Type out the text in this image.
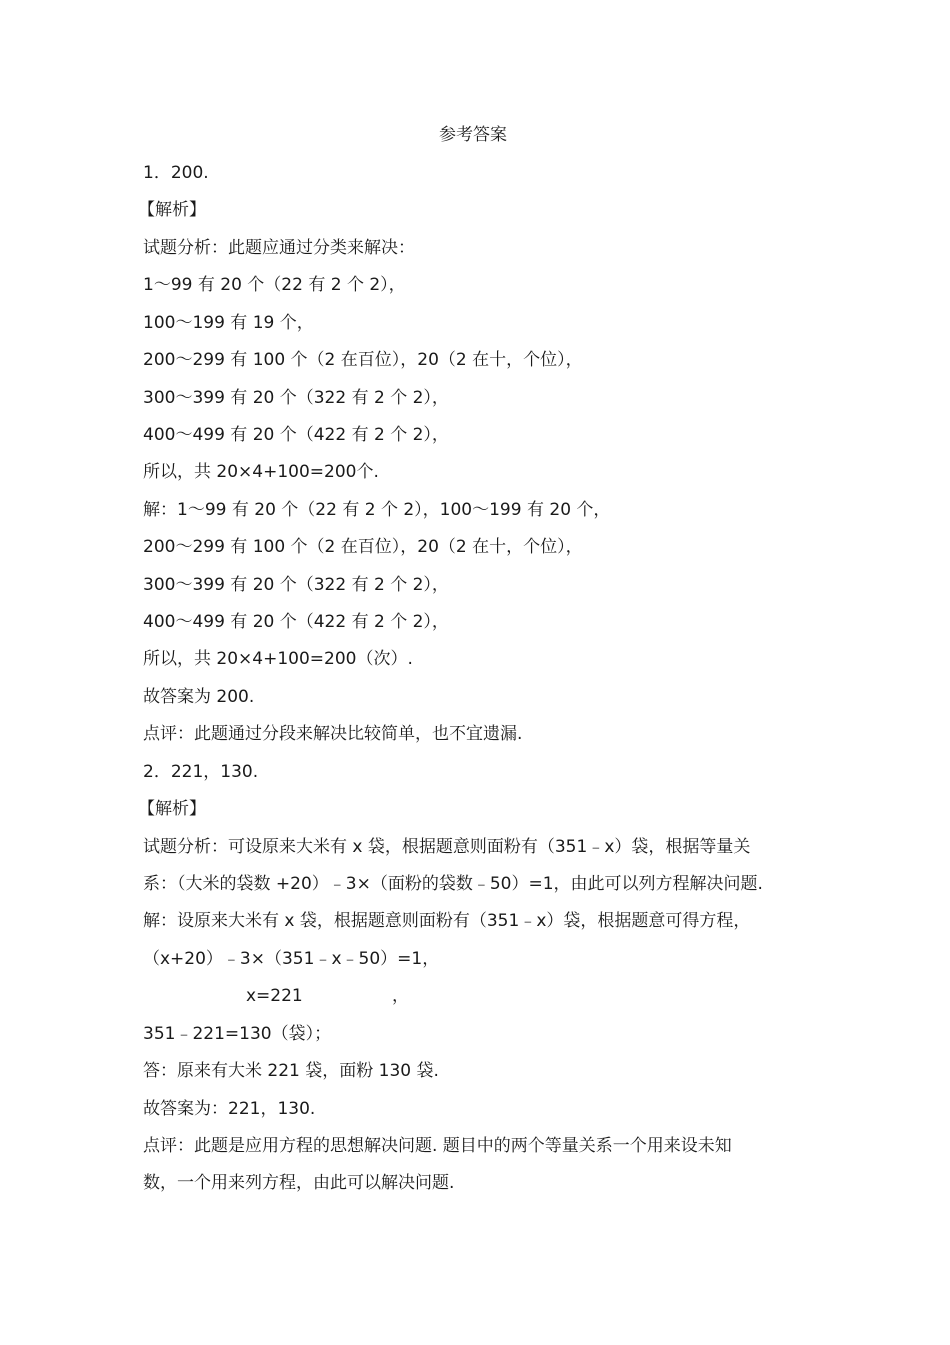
参考答案
1．200.
【解析】
试题分析：此题应通过分类来解决：
1～99 有 20 个（22 有 2 个 2），
100～199 有 19 个，
200～299 有 100 个（2 在百位），20（2 在十，个位），
300～399 有 20 个（322 有 2 个 2），
400～499 有 20 个（422 有 2 个 2），
所以，共 20×4+100=200个.
解：1～99 有 20 个（22 有 2 个 2），100～199 有 20 个，
200～299 有 100 个（2 在百位），20（2 在十，个位），
300～399 有 20 个（322 有 2 个 2），
400～499 有 20 个（422 有 2 个 2），
所以，共 20×4+100=200（次）.
故答案为 200.
点评：此题通过分段来解决比较简单，也不宜遗漏.
2．221，130.
【解析】
试题分析：可设原来大米有 x 袋，根据题意则面粉有（351﹣x）袋，根据等量关
系：（大米的袋数 +20）﹣3×（面粉的袋数﹣50）=1，由此可以列方程解决问题.
解：设原来大米有 x 袋，根据题意则面粉有（351﹣x）袋，根据题意可得方程，
（x+20）﹣3×（351﹣x﹣50）=1，
x=221	，
351﹣221=130（袋）；
答：原来有大米 221 袋，面粉 130 袋.
故答案为：221，130.
点评：此题是应用方程的思想解决问题. 题目中的两个等量关系一个用来设未知
数，一个用来列方程，由此可以解决问题.
